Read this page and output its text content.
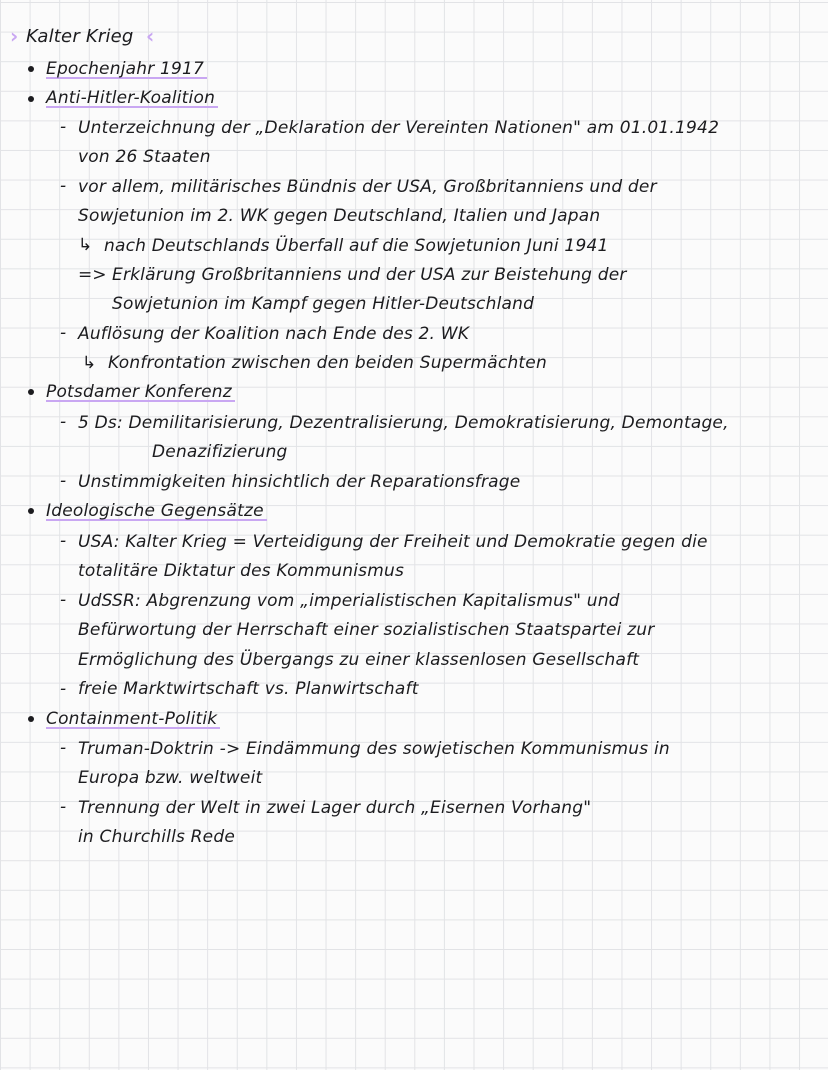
› Kalter Krieg ‹
Epochenjahr 1917
Anti-Hitler-Koalition
- Unterzeichnung der „Deklaration der Vereinten Nationen" am 01.01.1942
von 26 Staaten
- vor allem, militärisches Bündnis der USA, Großbritanniens und der
Sowjetunion im 2. WK gegen Deutschland, Italien und Japan
↳ nach Deutschlands Überfall auf die Sowjetunion Juni 1941
=> Erklärung Großbritanniens und der USA zur Beistehung der
Sowjetunion im Kampf gegen Hitler-Deutschland
- Auflösung der Koalition nach Ende des 2. WK
↳ Konfrontation zwischen den beiden Supermächten
Potsdamer Konferenz
- 5 Ds: Demilitarisierung, Dezentralisierung, Demokratisierung, Demontage,
Denazifizierung
- Unstimmigkeiten hinsichtlich der Reparationsfrage
Ideologische Gegensätze
- USA: Kalter Krieg = Verteidigung der Freiheit und Demokratie gegen die
totalitäre Diktatur des Kommunismus
- UdSSR: Abgrenzung vom „imperialistischen Kapitalismus" und
Befürwortung der Herrschaft einer sozialistischen Staatspartei zur
Ermöglichung des Übergangs zu einer klassenlosen Gesellschaft
- freie Marktwirtschaft vs. Planwirtschaft
Containment-Politik
- Truman-Doktrin -> Eindämmung des sowjetischen Kommunismus in
Europa bzw. weltweit
- Trennung der Welt in zwei Lager durch „Eisernen Vorhang"
in Churchills Rede
